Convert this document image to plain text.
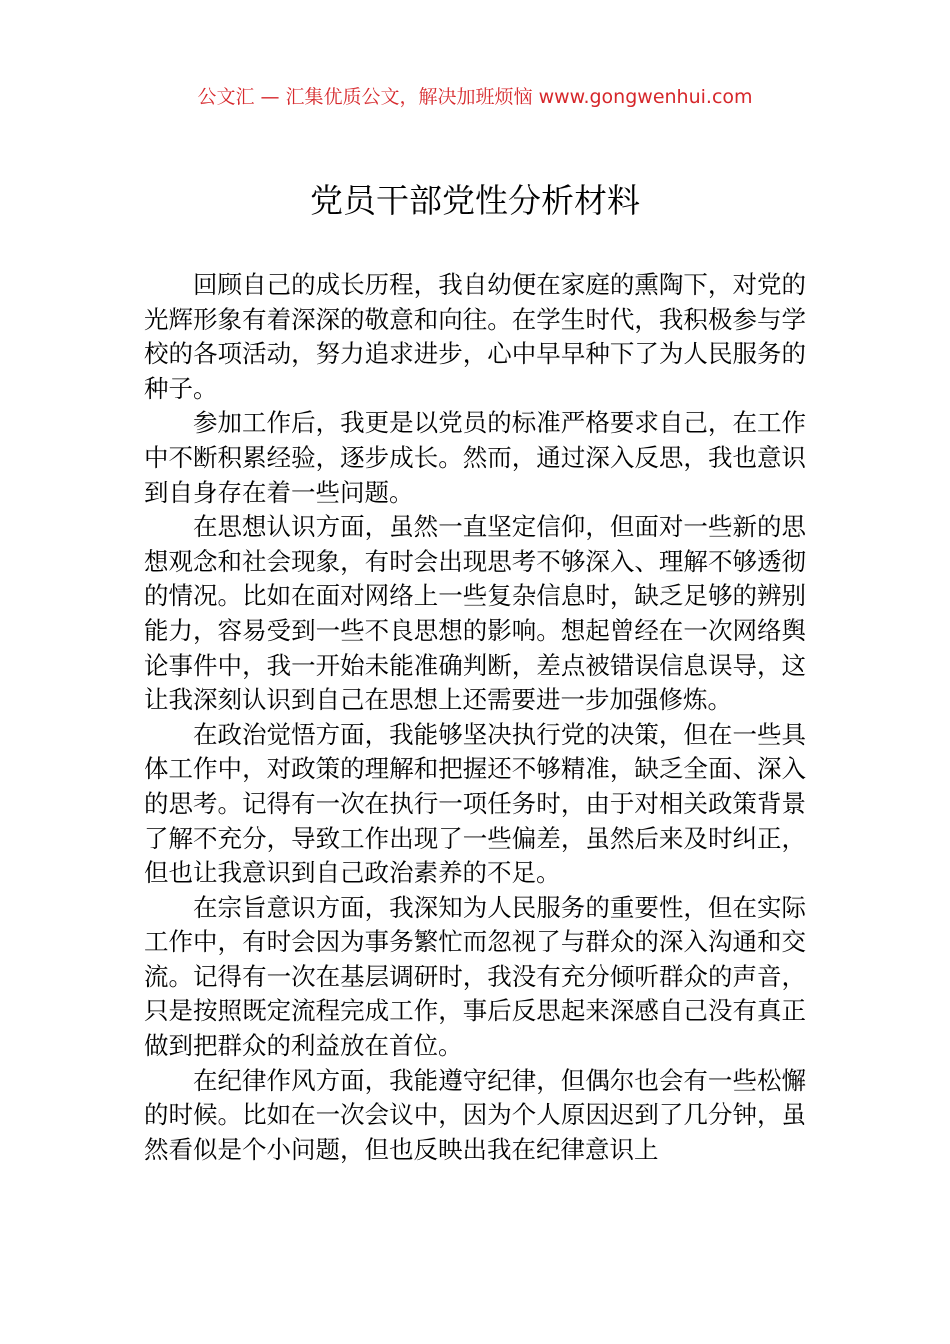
公文汇 — 汇集优质公文，解决加班烦恼 www.gongwenhui.com
党员干部党性分析材料

回顾自己的成长历程，我自幼便在家庭的熏陶下，对党的光辉形象有着深深的敬意和向往。在学生时代，我积极参与学校的各项活动，努力追求进步，心中早早种下了为人民服务的种子。

参加工作后，我更是以党员的标准严格要求自己，在工作中不断积累经验，逐步成长。然而，通过深入反思，我也意识到自身存在着一些问题。

在思想认识方面，虽然一直坚定信仰，但面对一些新的思想观念和社会现象，有时会出现思考不够深入、理解不够透彻的情况。比如在面对网络上一些复杂信息时，缺乏足够的辨别能力，容易受到一些不良思想的影响。想起曾经在一次网络舆论事件中，我一开始未能准确判断，差点被错误信息误导，这让我深刻认识到自己在思想上还需要进一步加强修炼。

在政治觉悟方面，我能够坚决执行党的决策，但在一些具体工作中，对政策的理解和把握还不够精准，缺乏全面、深入的思考。记得有一次在执行一项任务时，由于对相关政策背景了解不充分，导致工作出现了一些偏差，虽然后来及时纠正，但也让我意识到自己政治素养的不足。

在宗旨意识方面，我深知为人民服务的重要性，但在实际工作中，有时会因为事务繁忙而忽视了与群众的深入沟通和交流。记得有一次在基层调研时，我没有充分倾听群众的声音，只是按照既定流程完成工作，事后反思起来深感自己没有真正做到把群众的利益放在首位。

在纪律作风方面，我能遵守纪律，但偶尔也会有一些松懈的时候。比如在一次会议中，因为个人原因迟到了几分钟，虽然看似是个小问题，但也反映出我在纪律意识上
